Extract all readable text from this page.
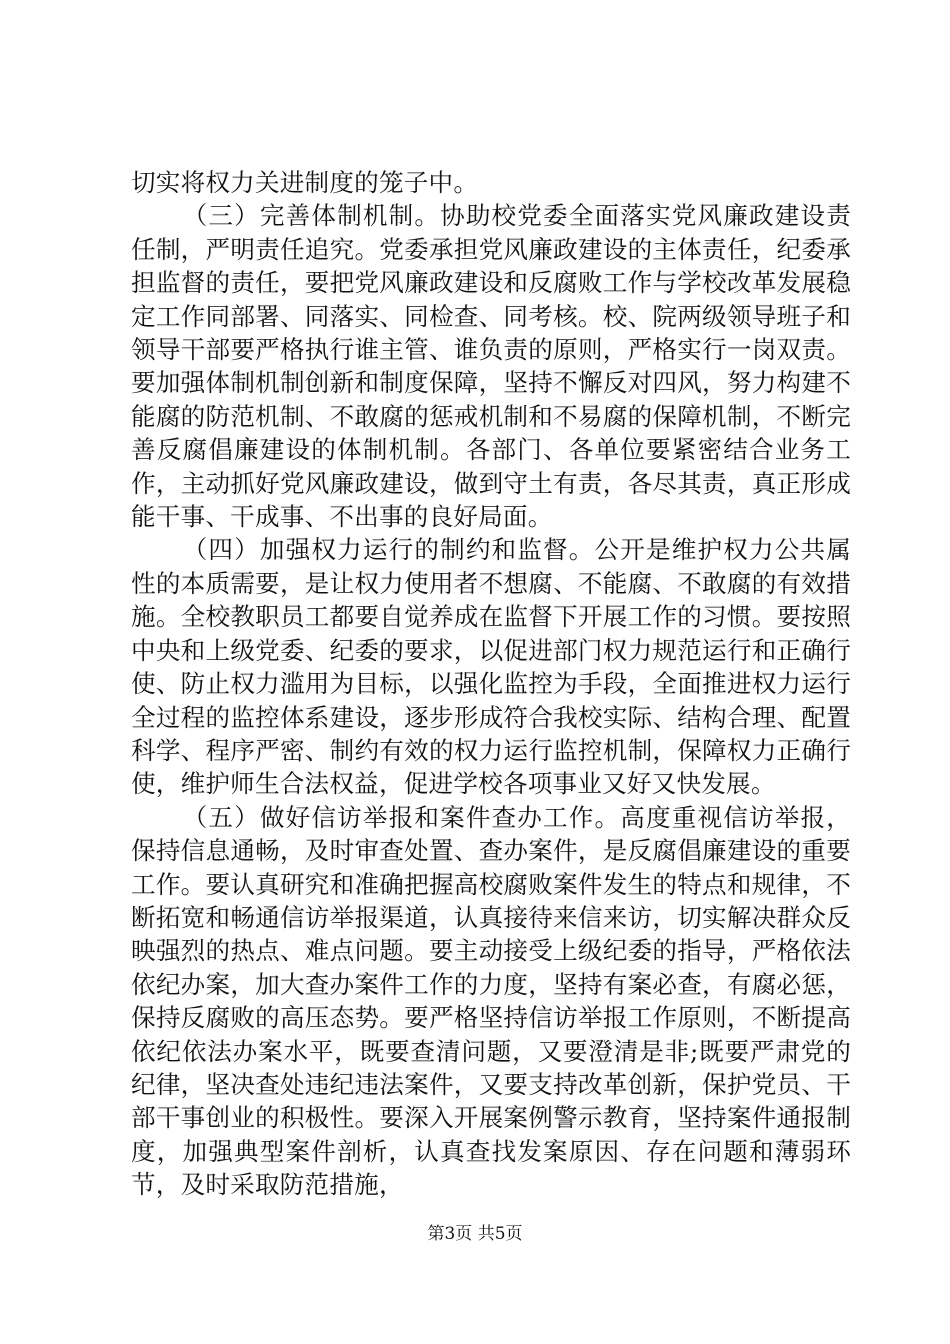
切实将权力关进制度的笼子中。

（三）完善体制机制。协助校党委全面落实党风廉政建设责任制，严明责任追究。党委承担党风廉政建设的主体责任，纪委承担监督的责任，要把党风廉政建设和反腐败工作与学校改革发展稳定工作同部署、同落实、同检查、同考核。校、院两级领导班子和领导干部要严格执行谁主管、谁负责的原则，严格实行一岗双责。要加强体制机制创新和制度保障，坚持不懈反对四风，努力构建不能腐的防范机制、不敢腐的惩戒机制和不易腐的保障机制，不断完善反腐倡廉建设的体制机制。各部门、各单位要紧密结合业务工作，主动抓好党风廉政建设，做到守土有责，各尽其责，真正形成能干事、干成事、不出事的良好局面。

（四）加强权力运行的制约和监督。公开是维护权力公共属性的本质需要，是让权力使用者不想腐、不能腐、不敢腐的有效措施。全校教职员工都要自觉养成在监督下开展工作的习惯。要按照中央和上级党委、纪委的要求，以促进部门权力规范运行和正确行使、防止权力滥用为目标，以强化监控为手段，全面推进权力运行全过程的监控体系建设，逐步形成符合我校实际、结构合理、配置科学、程序严密、制约有效的权力运行监控机制，保障权力正确行使，维护师生合法权益，促进学校各项事业又好又快发展。

（五）做好信访举报和案件查办工作。高度重视信访举报，保持信息通畅，及时审查处置、查办案件，是反腐倡廉建设的重要工作。要认真研究和准确把握高校腐败案件发生的特点和规律，不断拓宽和畅通信访举报渠道，认真接待来信来访，切实解决群众反映强烈的热点、难点问题。要主动接受上级纪委的指导，严格依法依纪办案，加大查办案件工作的力度，坚持有案必查，有腐必惩，保持反腐败的高压态势。要严格坚持信访举报工作原则，不断提高依纪依法办案水平，既要查清问题，又要澄清是非;既要严肃党的纪律，坚决查处违纪违法案件，又要支持改革创新，保护党员、干部干事创业的积极性。要深入开展案例警示教育，坚持案件通报制度，加强典型案件剖析，认真查找发案原因、存在问题和薄弱环节，及时采取防范措施，

第3页 共5页
